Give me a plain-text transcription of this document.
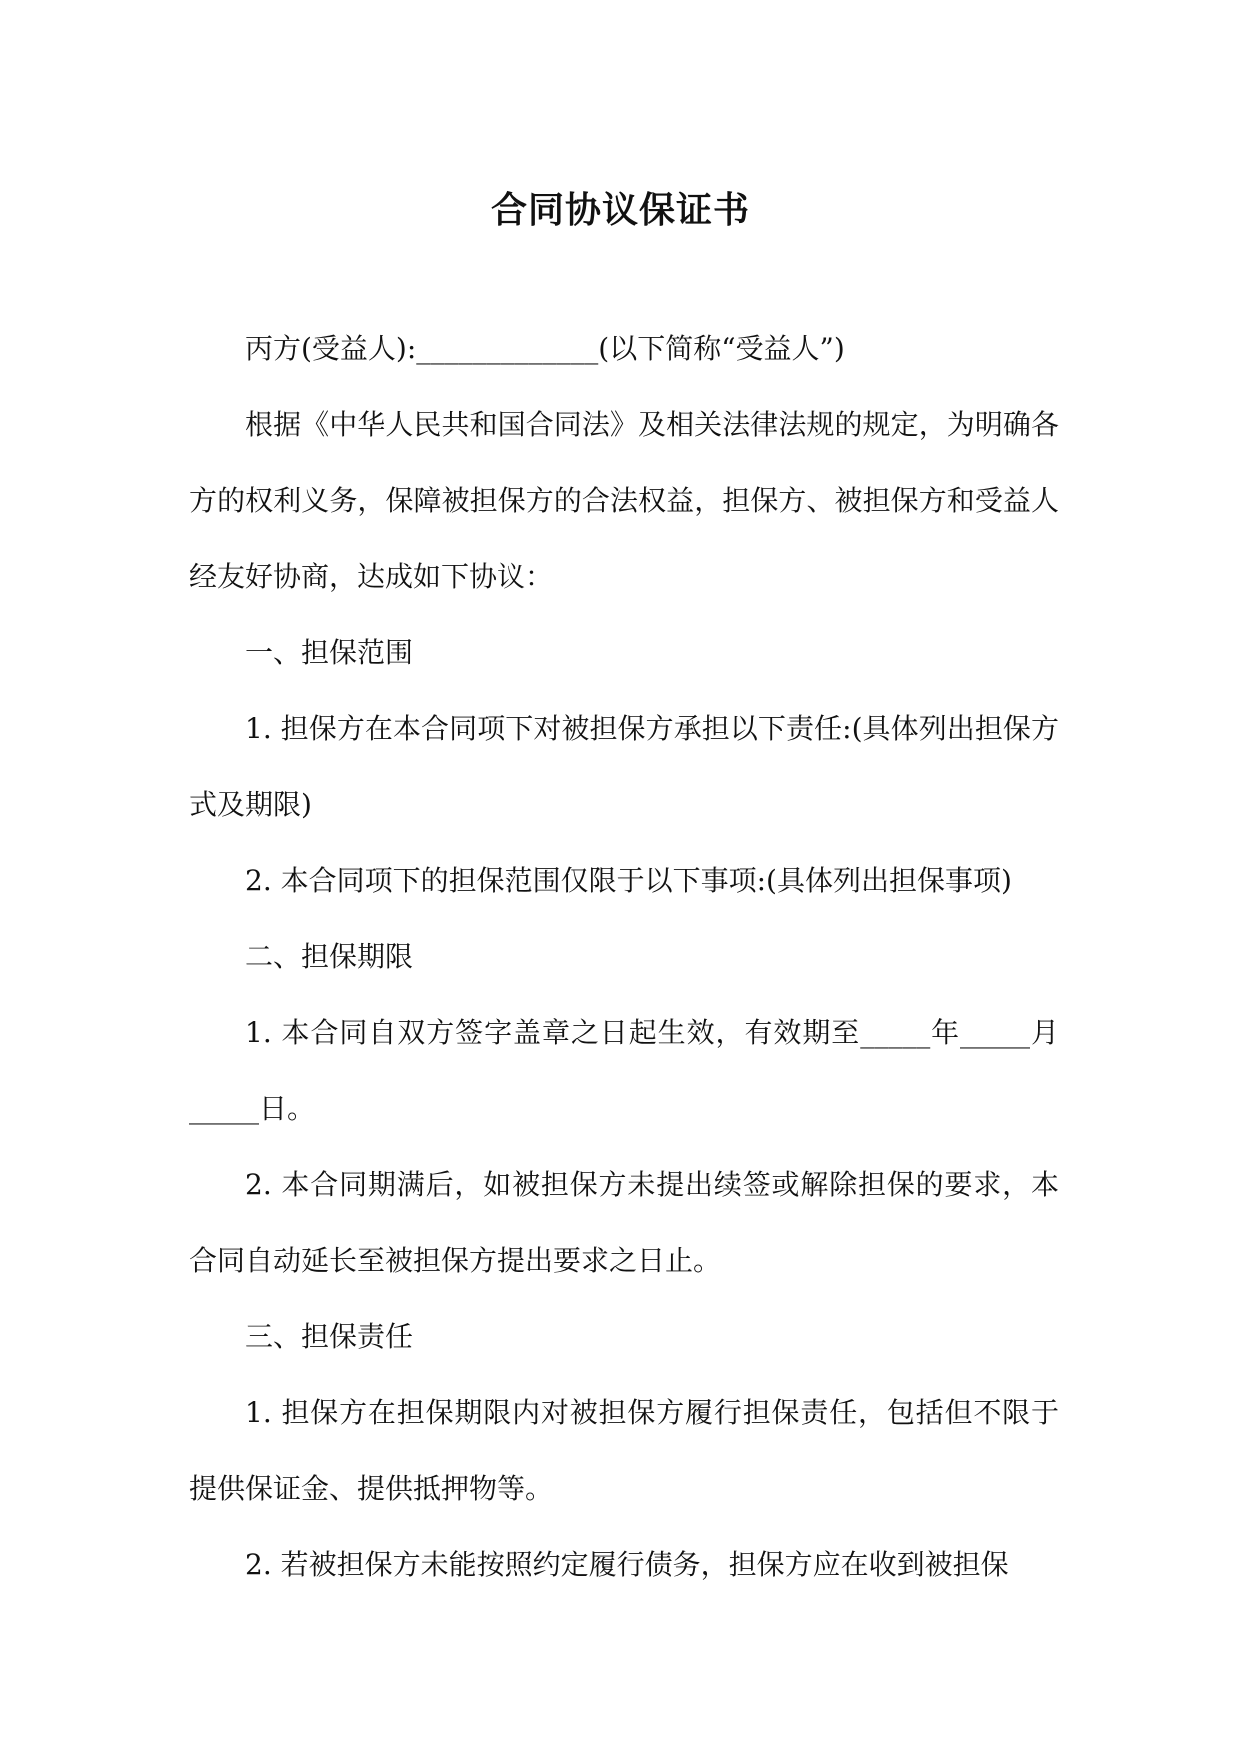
合同协议保证书

丙方(受益人):_____________(以下简称“受益人”)

根据《中华人民共和国合同法》及相关法律法规的规定，为明确各方的权利义务，保障被担保方的合法权益，担保方、被担保方和受益人经友好协商，达成如下协议：

一、担保范围

1. 担保方在本合同项下对被担保方承担以下责任:(具体列出担保方式及期限)

2. 本合同项下的担保范围仅限于以下事项:(具体列出担保事项)

二、担保期限

1. 本合同自双方签字盖章之日起生效，有效期至_____年_____月_____日。

2. 本合同期满后，如被担保方未提出续签或解除担保的要求，本合同自动延长至被担保方提出要求之日止。

三、担保责任

1. 担保方在担保期限内对被担保方履行担保责任，包括但不限于提供保证金、提供抵押物等。

2. 若被担保方未能按照约定履行债务，担保方应在收到被担保
